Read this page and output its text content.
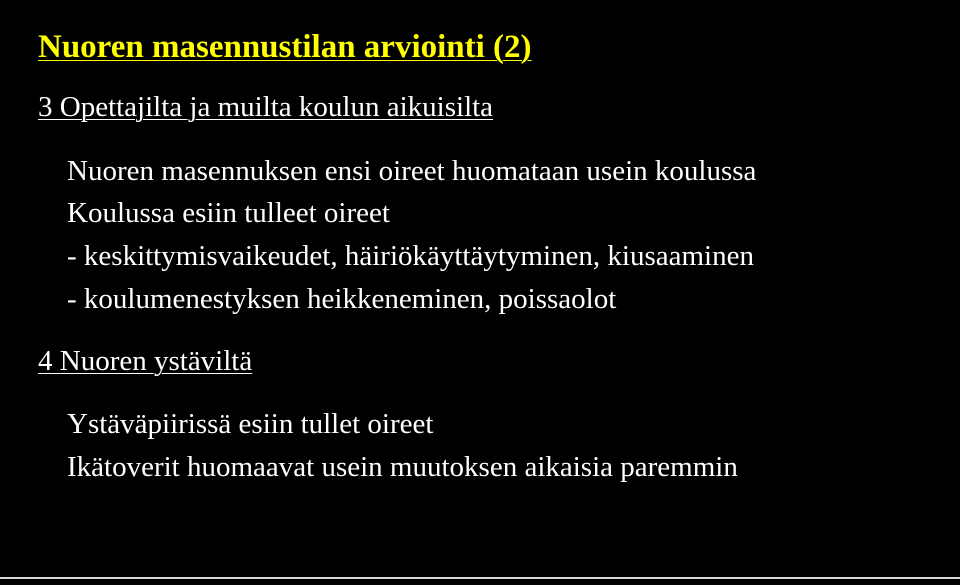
Nuoren masennustilan arviointi (2)
3 Opettajilta ja muilta koulun aikuisilta
Nuoren masennuksen ensi oireet huomataan usein koulussa
Koulussa esiin tulleet oireet
- keskittymisvaikeudet, häiriökäyttäytyminen, kiusaaminen
- koulumenestyksen heikkeneminen, poissaolot
4 Nuoren ystäviltä
Ystäväpiirissä esiin tullet oireet
Ikätoverit huomaavat usein muutoksen aikaisia paremmin
